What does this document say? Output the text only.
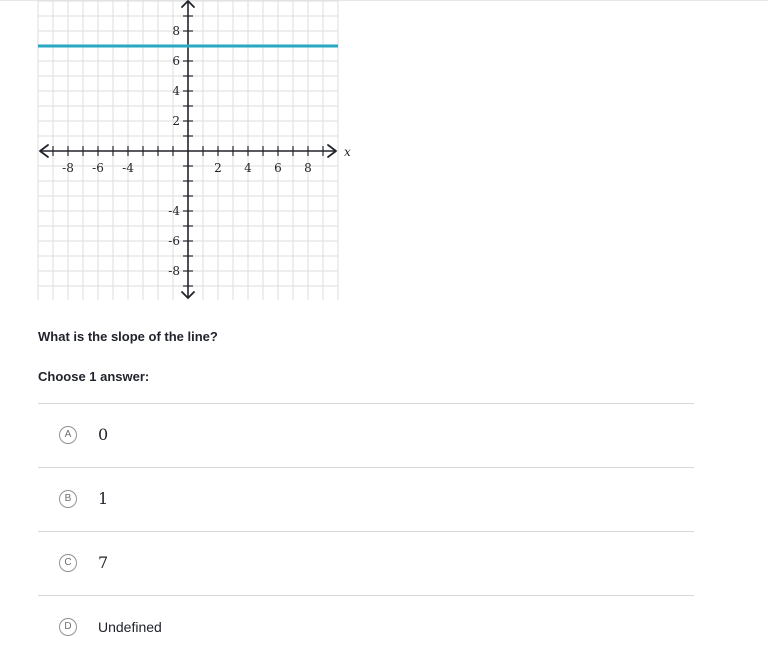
-8 -6 -4	2 4 6 8
8
6
4
2
-4
-6
-8
x
What is the slope of the line?
Choose 1 answer:
A	0
B	1
C	7
D	Undefined
